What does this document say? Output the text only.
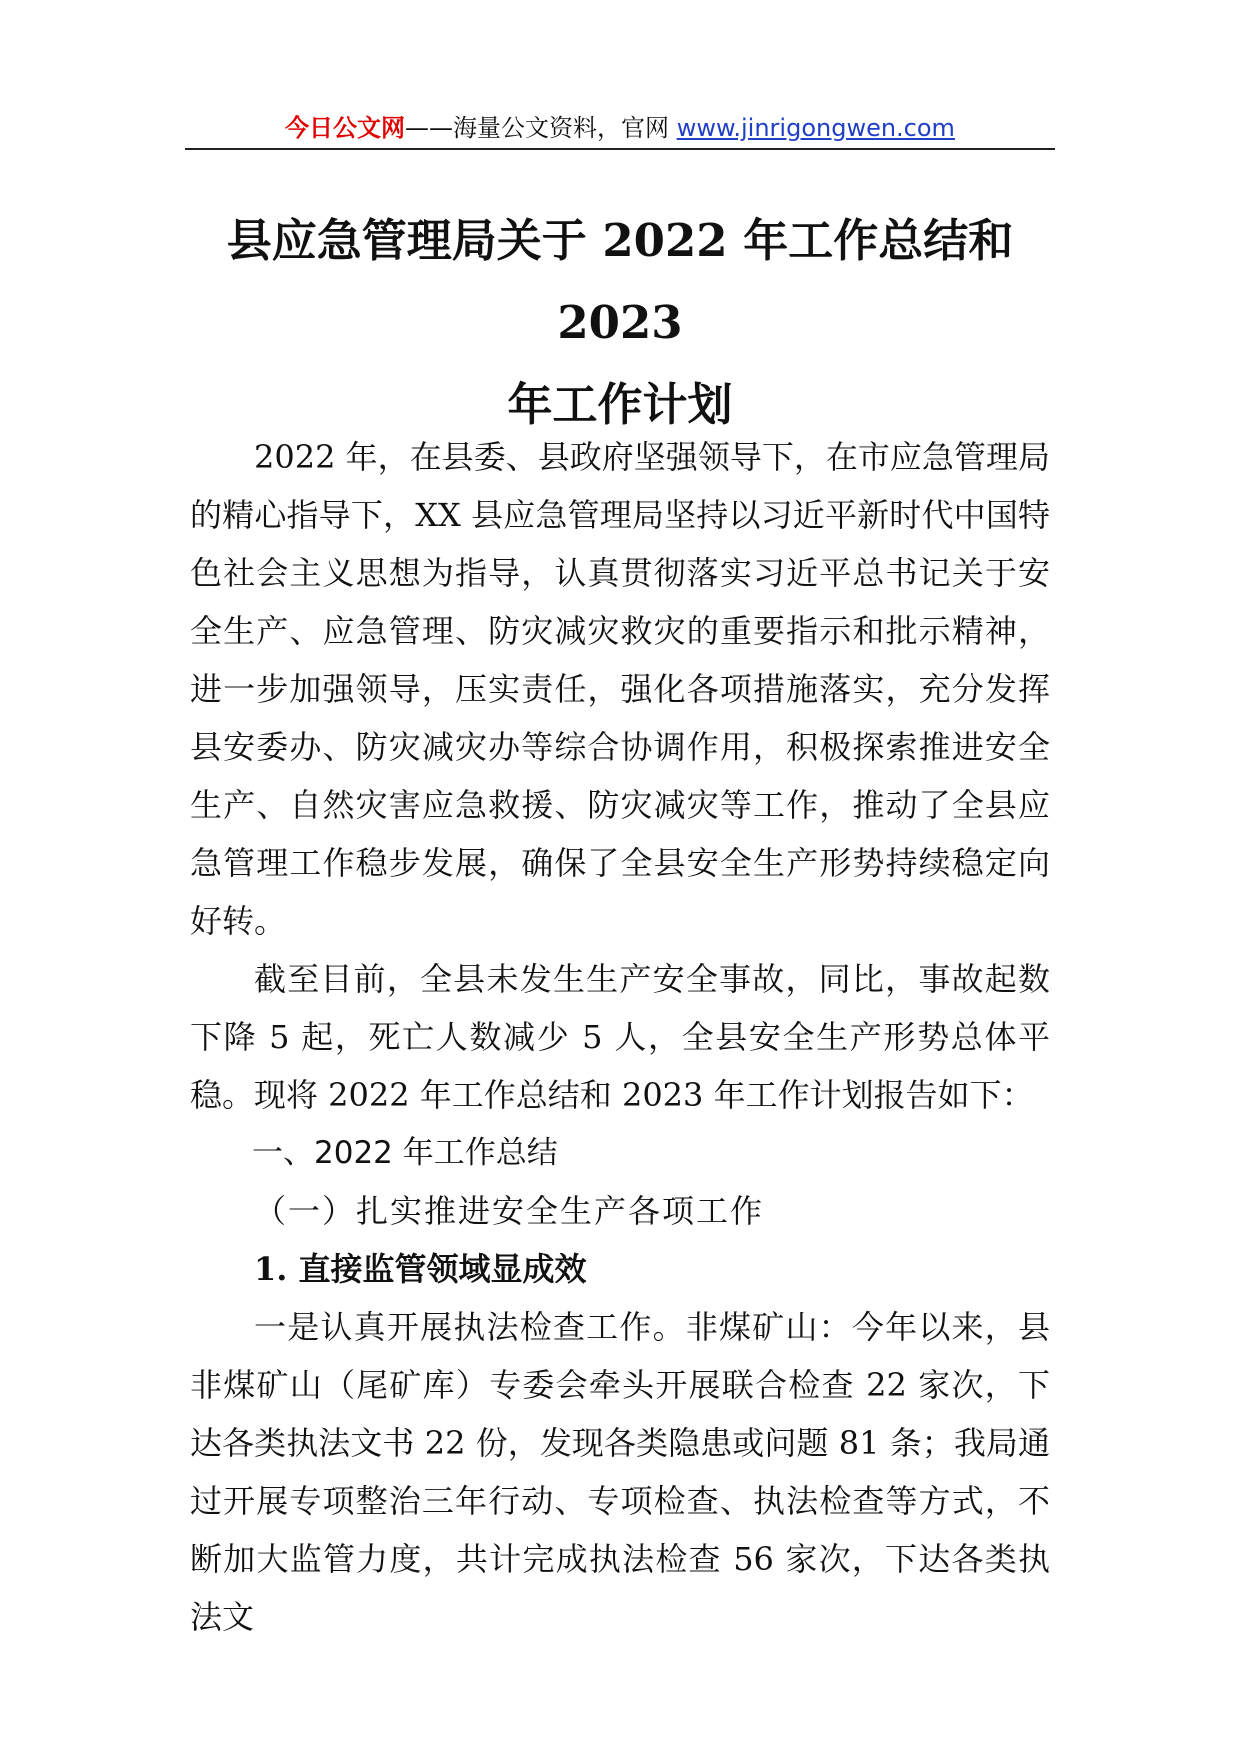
今日公文网——海量公文资料，官网 www.jinrigongwen.com
县应急管理局关于 2022 年工作总结和 2023
年工作计划

2022 年，在县委、县政府坚强领导下，在市应急管理局的精心指导下，XX 县应急管理局坚持以习近平新时代中国特色社会主义思想为指导，认真贯彻落实习近平总书记关于安全生产、应急管理、防灾减灾救灾的重要指示和批示精神，进一步加强领导，压实责任，强化各项措施落实，充分发挥县安委办、防灾减灾办等综合协调作用，积极探索推进安全生产、自然灾害应急救援、防灾减灾等工作，推动了全县应急管理工作稳步发展，确保了全县安全生产形势持续稳定向好转。

截至目前，全县未发生生产安全事故，同比，事故起数下降 5 起，死亡人数减少 5 人，全县安全生产形势总体平稳。现将 2022 年工作总结和 2023 年工作计划报告如下：

一、2022 年工作总结

（一）扎实推进安全生产各项工作

1. 直接监管领域显成效

一是认真开展执法检查工作。非煤矿山：今年以来，县非煤矿山（尾矿库）专委会牵头开展联合检查 22 家次，下达各类执法文书 22 份，发现各类隐患或问题 81 条；我局通过开展专项整治三年行动、专项检查、执法检查等方式，不断加大监管力度，共计完成执法检查 56 家次，下达各类执法文
